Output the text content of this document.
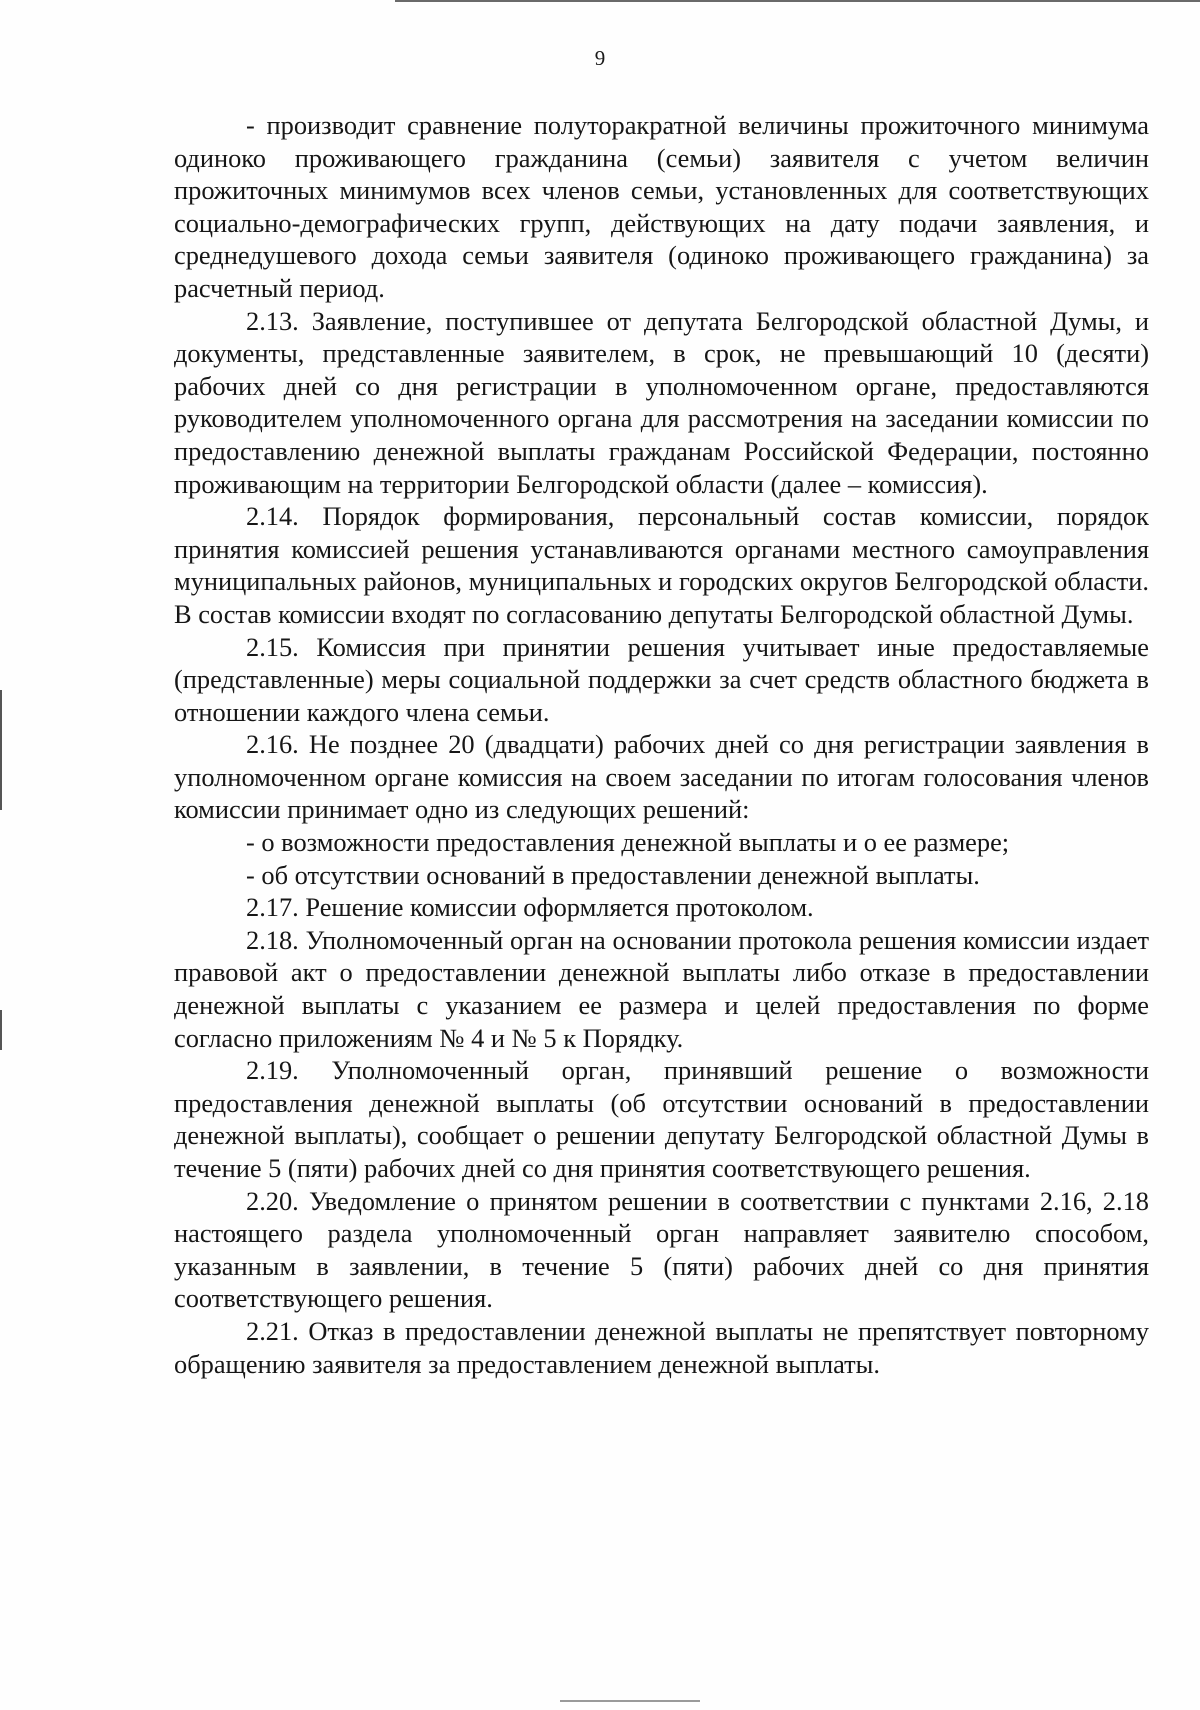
9

- производит сравнение полуторакратной величины прожиточного минимума одиноко проживающего гражданина (семьи) заявителя с учетом величин прожиточных минимумов всех членов семьи, установленных для соответствующих социально-демографических групп, действующих на дату подачи заявления, и среднедушевого дохода семьи заявителя (одиноко проживающего гражданина) за расчетный период.

2.13. Заявление, поступившее от депутата Белгородской областной Думы, и документы, представленные заявителем, в срок, не превышающий 10 (десяти) рабочих дней со дня регистрации в уполномоченном органе, предоставляются руководителем уполномоченного органа для рассмотрения на заседании комиссии по предоставлению денежной выплаты гражданам Российской Федерации, постоянно проживающим на территории Белгородской области (далее – комиссия).

2.14. Порядок формирования, персональный состав комиссии, порядок принятия комиссией решения устанавливаются органами местного самоуправления муниципальных районов, муниципальных и городских округов Белгородской области. В состав комиссии входят по согласованию депутаты Белгородской областной Думы.

2.15. Комиссия при принятии решения учитывает иные предоставляемые (представленные) меры социальной поддержки за счет средств областного бюджета в отношении каждого члена семьи.

2.16. Не позднее 20 (двадцати) рабочих дней со дня регистрации заявления в уполномоченном органе комиссия на своем заседании по итогам голосования членов комиссии принимает одно из следующих решений:

- о возможности предоставления денежной выплаты и о ее размере;

- об отсутствии оснований в предоставлении денежной выплаты.

2.17. Решение комиссии оформляется протоколом.

2.18. Уполномоченный орган на основании протокола решения комиссии издает правовой акт о предоставлении денежной выплаты либо отказе в предоставлении денежной выплаты с указанием ее размера и целей предоставления по форме согласно приложениям № 4 и № 5 к Порядку.

2.19. Уполномоченный орган, принявший решение о возможности предоставления денежной выплаты (об отсутствии оснований в предоставлении денежной выплаты), сообщает о решении депутату Белгородской областной Думы в течение 5 (пяти) рабочих дней со дня принятия соответствующего решения.

2.20. Уведомление о принятом решении в соответствии с пунктами 2.16, 2.18 настоящего раздела уполномоченный орган направляет заявителю способом, указанным в заявлении, в течение 5 (пяти) рабочих дней со дня принятия соответствующего решения.

2.21. Отказ в предоставлении денежной выплаты не препятствует повторному обращению заявителя за предоставлением денежной выплаты.
